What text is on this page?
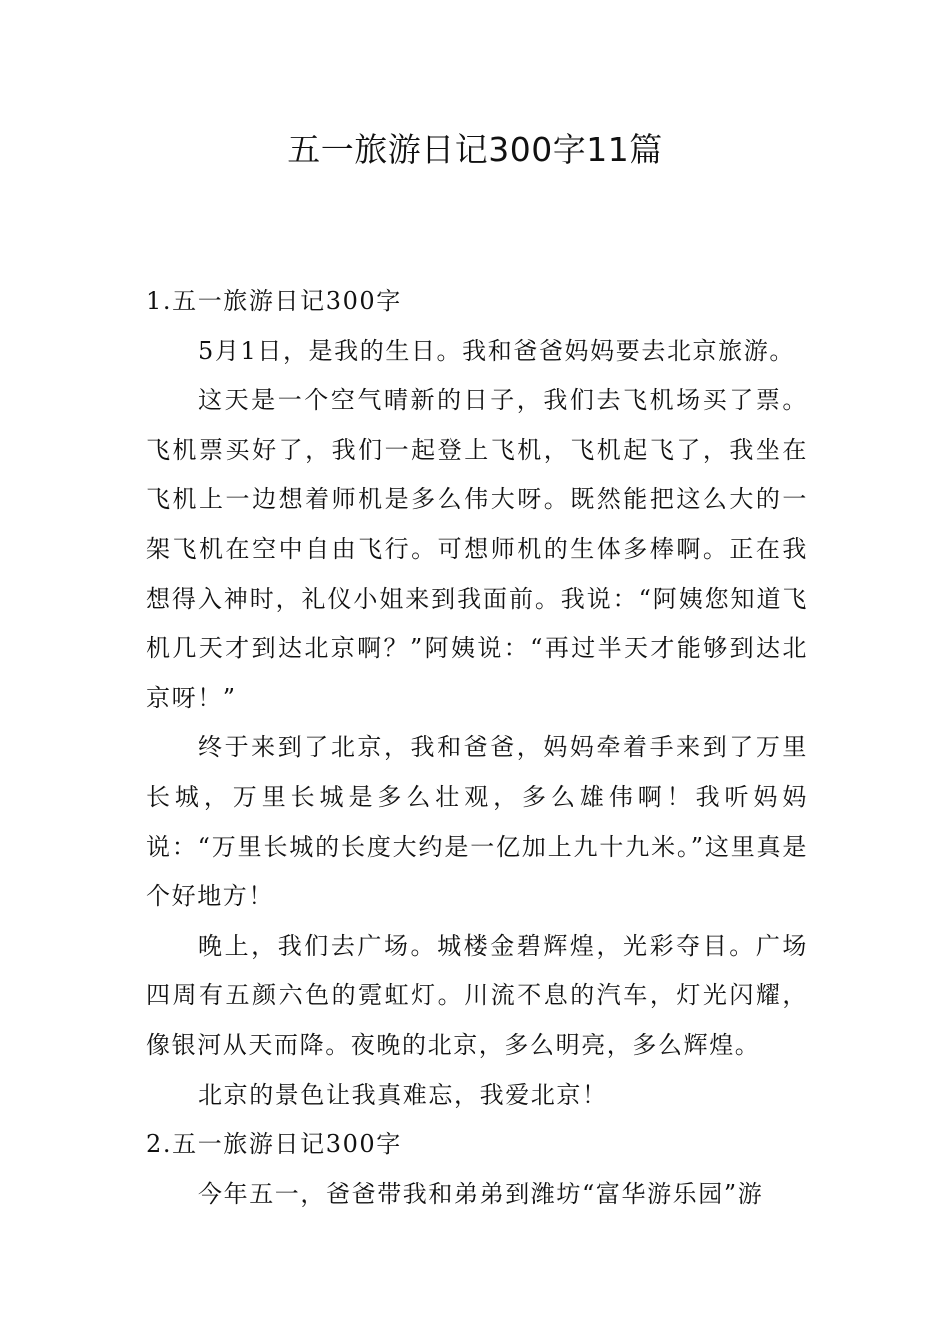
五一旅游日记300字11篇
1.五一旅游日记300字

5月1日，是我的生日。我和爸爸妈妈要去北京旅游。

这天是一个空气晴新的日子，我们去飞机场买了票。飞机票买好了，我们一起登上飞机，飞机起飞了，我坐在飞机上一边想着师机是多么伟大呀。既然能把这么大的一架飞机在空中自由飞行。可想师机的生体多棒啊。正在我想得入神时，礼仪小姐来到我面前。我说：“阿姨您知道飞机几天才到达北京啊？”阿姨说：“再过半天才能够到达北京呀！”

终于来到了北京，我和爸爸，妈妈牵着手来到了万里长城，万里长城是多么壮观，多么雄伟啊！我听妈妈说：“万里长城的长度大约是一亿加上九十九米。”这里真是个好地方！

晚上，我们去广场。城楼金碧辉煌，光彩夺目。广场四周有五颜六色的霓虹灯。川流不息的汽车，灯光闪耀，像银河从天而降。夜晚的北京，多么明亮，多么辉煌。

北京的景色让我真难忘，我爱北京！

2.五一旅游日记300字

今年五一，爸爸带我和弟弟到潍坊“富华游乐园”游
